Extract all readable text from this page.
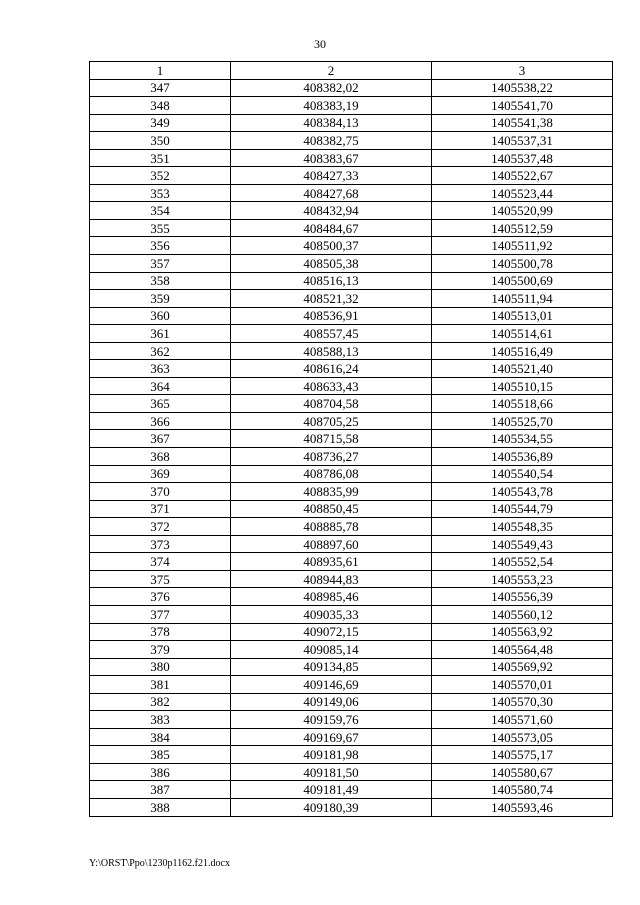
30
1	2	3
347	408382,02	1405538,22
348	408383,19	1405541,70
349	408384,13	1405541,38
350	408382,75	1405537,31
351	408383,67	1405537,48
352	408427,33	1405522,67
353	408427,68	1405523,44
354	408432,94	1405520,99
355	408484,67	1405512,59
356	408500,37	1405511,92
357	408505,38	1405500,78
358	408516,13	1405500,69
359	408521,32	1405511,94
360	408536,91	1405513,01
361	408557,45	1405514,61
362	408588,13	1405516,49
363	408616,24	1405521,40
364	408633,43	1405510,15
365	408704,58	1405518,66
366	408705,25	1405525,70
367	408715,58	1405534,55
368	408736,27	1405536,89
369	408786,08	1405540,54
370	408835,99	1405543,78
371	408850,45	1405544,79
372	408885,78	1405548,35
373	408897,60	1405549,43
374	408935,61	1405552,54
375	408944,83	1405553,23
376	408985,46	1405556,39
377	409035,33	1405560,12
378	409072,15	1405563,92
379	409085,14	1405564,48
380	409134,85	1405569,92
381	409146,69	1405570,01
382	409149,06	1405570,30
383	409159,76	1405571,60
384	409169,67	1405573,05
385	409181,98	1405575,17
386	409181,50	1405580,67
387	409181,49	1405580,74
388	409180,39	1405593,46
Y:\ORST\Ppo\1230p1162.f21.docx
